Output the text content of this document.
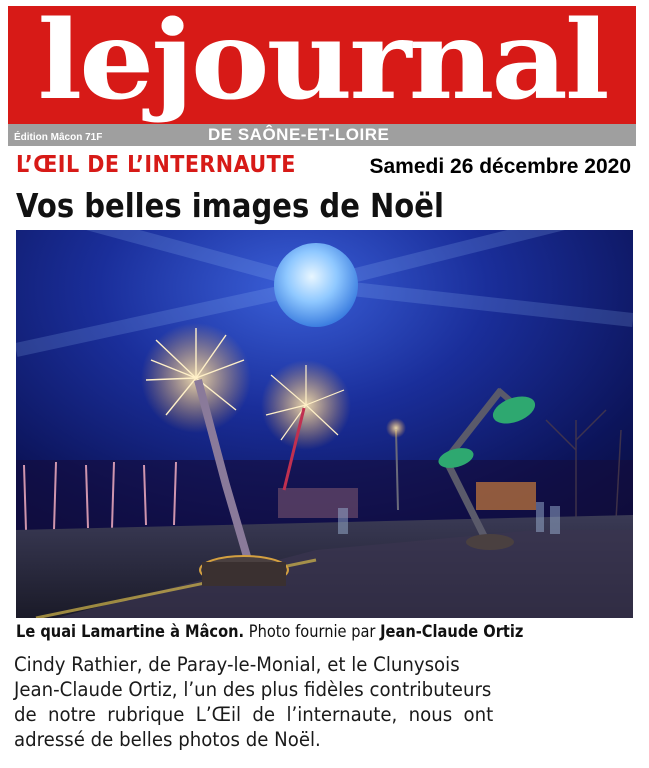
lejournal
Édition Mâcon 71F	DE SAÔNE-ET-LOIRE
L’ŒIL DE L’INTERNAUTE	Samedi 26 décembre 2020
Vos belles images de Noël
Le quai Lamartine à Mâcon. Photo fournie par Jean-Claude Ortiz
Cindy Rathier, de Paray-le-Monial, et le Clunysois
Jean-Claude Ortiz, l’un des plus fidèles contributeurs
de notre rubrique L’Œil de l’internaute, nous ont
adressé de belles photos de Noël.
